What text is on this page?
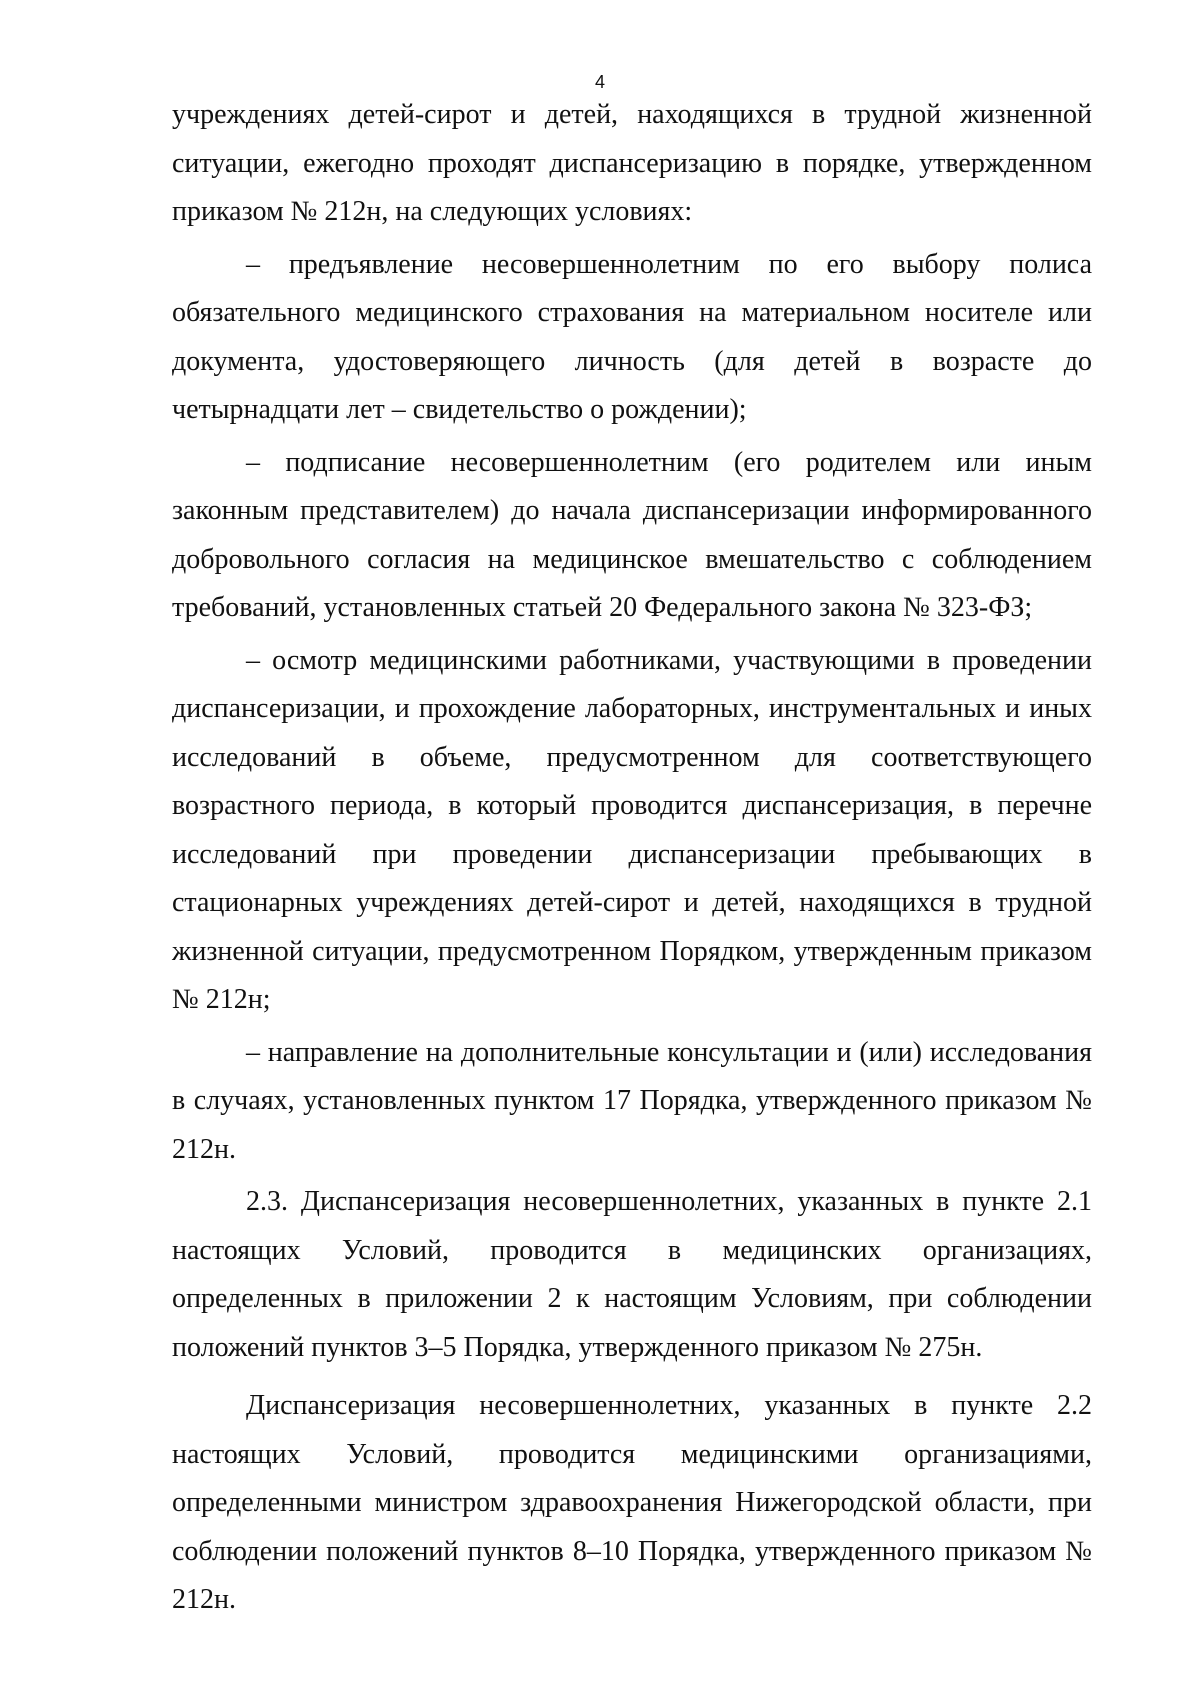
4

учреждениях детей-сирот и детей, находящихся в трудной жизненной ситуации, ежегодно проходят диспансеризацию в порядке, утвержденном приказом № 212н, на следующих условиях:

– предъявление несовершеннолетним по его выбору полиса обязательного медицинского страхования на материальном носителе или документа, удостоверяющего личность (для детей в возрасте до четырнадцати лет – свидетельство о рождении);

– подписание несовершеннолетним (его родителем или иным законным представителем) до начала диспансеризации информированного добровольного согласия на медицинское вмешательство с соблюдением требований, установленных статьей 20 Федерального закона № 323-ФЗ;

– осмотр медицинскими работниками, участвующими в проведении диспансеризации, и прохождение лабораторных, инструментальных и иных исследований в объеме, предусмотренном для соответствующего возрастного периода, в который проводится диспансеризация, в перечне исследований при проведении диспансеризации пребывающих в стационарных учреждениях детей-сирот и детей, находящихся в трудной жизненной ситуации, предусмотренном Порядком, утвержденным приказом № 212н;

– направление на дополнительные консультации и (или) исследования в случаях, установленных пунктом 17 Порядка, утвержденного приказом № 212н.

2.3. Диспансеризация несовершеннолетних, указанных в пункте 2.1 настоящих Условий, проводится в медицинских организациях, определенных в приложении 2 к настоящим Условиям, при соблюдении положений пунктов 3–5 Порядка, утвержденного приказом № 275н.

Диспансеризация несовершеннолетних, указанных в пункте 2.2 настоящих Условий, проводится медицинскими организациями, определенными министром здравоохранения Нижегородской области, при соблюдении положений пунктов 8–10 Порядка, утвержденного приказом № 212н.
